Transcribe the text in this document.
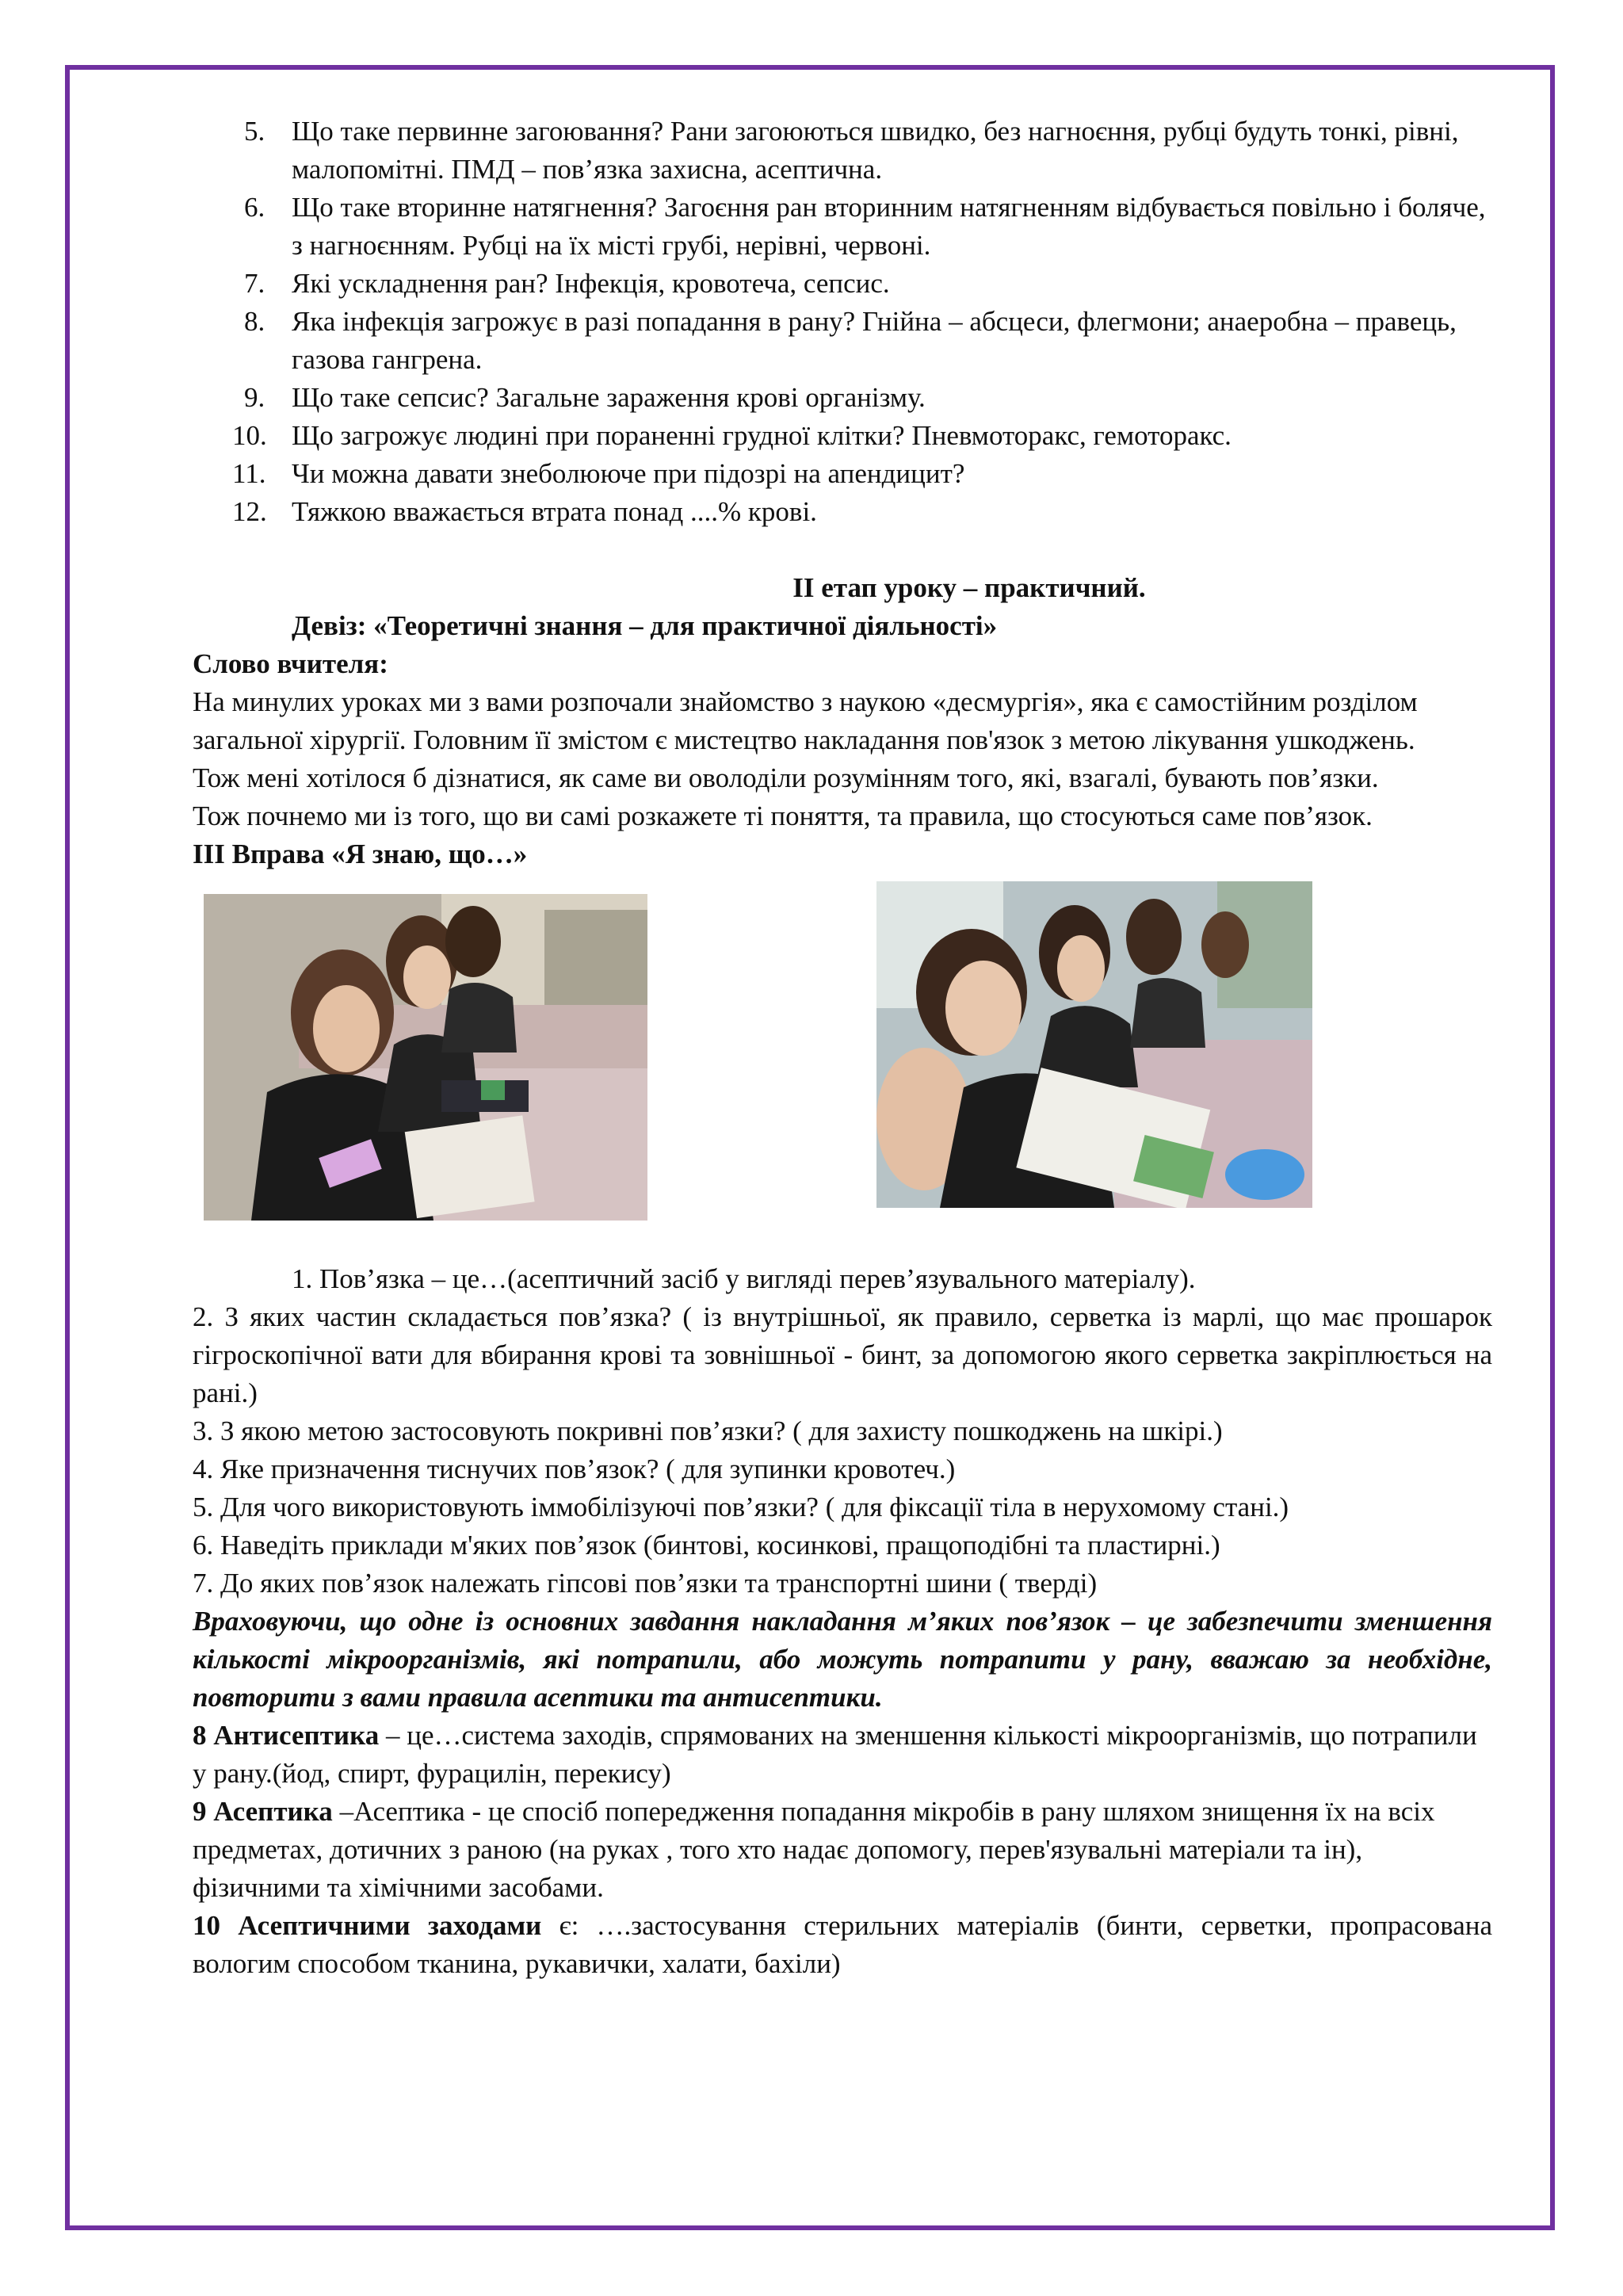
5. Що таке первинне загоювання? Рани загоюються швидко, без нагноєння, рубці будуть тонкі, рівні, малопомітні. ПМД – пов’язка захисна, асептична.
6. Що таке вторинне натягнення? Загоєння ран вторинним натягненням відбувається повільно і боляче, з нагноєнням. Рубці на їх місті грубі, нерівні, червоні.
7. Які ускладнення ран? Інфекція, кровотеча, сепсис.
8. Яка інфекція загрожує в разі попадання в рану? Гнійна – абсцеси, флегмони; анаеробна – правець, газова гангрена.
9. Що таке сепсис? Загальне зараження крові організму.
10. Що загрожує людині при пораненні грудної клітки? Пневмоторакс, гемоторакс.
11. Чи можна давати знеболююче при підозрі на апендицит?
12. Тяжкою вважається втрата понад ....% крові.

ІІ етап уроку – практичний.

Девіз: «Теоретичні знання – для практичної діяльності»

Слово вчителя:

На минулих уроках ми з вами розпочали знайомство з наукою «десмургія», яка є самостійним розділом загальної хірургії. Головним її змістом є мистецтво накладання пов'язок з метою лікування ушкоджень.

Тож мені хотілося б дізнатися, як саме ви оволоділи розумінням того, які, взагалі, бувають пов’язки.

Тож почнемо ми із того, що ви самі розкажете ті поняття, та правила, що стосуються саме пов’язок.

ІІІ Вправа «Я знаю, що…»

1. Пов’язка – це…(асептичний засіб у вигляді перев’язувального матеріалу).

2. З яких частин складається пов’язка? ( із внутрішньої, як правило, серветка із марлі, що має прошарок гігроскопічної вати для вбирання крові та зовнішньої - бинт, за допомогою якого серветка закріплюється на рані.)

3. З якою метою застосовують покривні пов’язки? ( для захисту пошкоджень на шкірі.)

4. Яке призначення тиснучих пов’язок? ( для зупинки кровотеч.)

5. Для чого використовують іммобілізуючі пов’язки? ( для фіксації тіла в нерухомому стані.)

6. Наведіть приклади м'яких пов’язок (бинтові, косинкові, пращоподібні та пластирні.)

7. До яких пов’язок належать гіпсові пов’язки та транспортні шини ( тверді)

Враховуючи, що одне із основних завдання накладання м’яких пов’язок – це забезпечити зменшення кількості мікроорганізмів, які потрапили, або можуть потрапити у рану, вважаю за необхідне, повторити з вами правила асептики та антисептики.

8 Антисептика – це…система заходів, спрямованих на зменшення кількості мікроорганізмів, що потрапили у рану.(йод, спирт, фурацилін, перекису)

9 Асептика –Асептика - це спосіб попередження попадання мікробів в рану шляхом знищення їх на всіх предметах, дотичних з раною (на руках , того хто надає допомогу, перев'язувальні матеріали та ін), фізичними та хімічними засобами.

10 Асептичними заходами є: ….застосування стерильних матеріалів (бинти, серветки, пропрасована вологим способом тканина, рукавички, халати, бахіли)
